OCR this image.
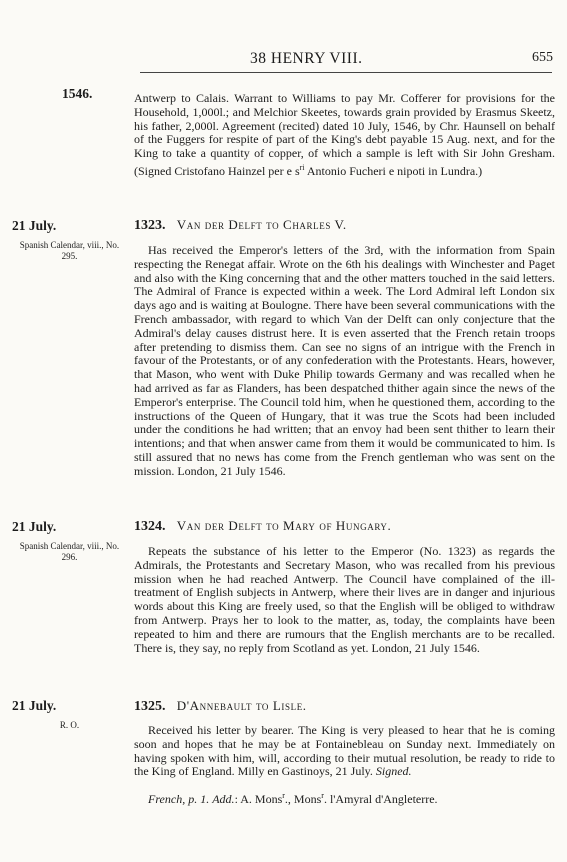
38 HENRY VIII.	655
1546.	Antwerp to Calais. Warrant to Williams to pay Mr. Cofferer for provisions for the Household, 1,000l.; and Melchior Skeetes, towards grain provided by Erasmus Skeetz, his father, 2,000l. Agreement (recited) dated 10 July, 1546, by Chr. Haunsell on behalf of the Fuggers for respite of part of the King's debt payable 15 Aug. next, and for the King to take a quantity of copper, of which a sample is left with Sir John Gresham. (Signed Cristofano Hainzel per e $s^{ri}$ Antonio Fucheri e nipoti in Lundra.)

21 July.
Spanish Calendar, viii., No. 295.
1323. Van der Delft to Charles V.

Has received the Emperor's letters of the 3rd, with the information from Spain respecting the Renegat affair. Wrote on the 6th his dealings with Winchester and Paget and also with the King concerning that and the other matters touched in the said letters. The Admiral of France is expected within a week. The Lord Admiral left London six days ago and is waiting at Boulogne. There have been several communications with the French ambassador, with regard to which Van der Delft can only conjecture that the Admiral's delay causes distrust here. It is even asserted that the French retain troops after pretending to dismiss them. Can see no signs of an intrigue with the French in favour of the Protestants, or of any confederation with the Protestants. Hears, however, that Mason, who went with Duke Philip towards Germany and was recalled when he had arrived as far as Flanders, has been despatched thither again since the news of the Emperor's enterprise. The Council told him, when he questioned them, according to the instructions of the Queen of Hungary, that it was true the Scots had been included under the conditions he had written; that an envoy had been sent thither to learn their intentions; and that when answer came from them it would be communicated to him. Is still assured that no news has come from the French gentleman who was sent on the mission. London, 21 July 1546.

21 July.
Spanish Calendar, viii., No. 296.
1324. Van der Delft to Mary of Hungary.

Repeats the substance of his letter to the Emperor (No. 1323) as regards the Admirals, the Protestants and Secretary Mason, who was recalled from his previous mission when he had reached Antwerp. The Council have complained of the ill-treatment of English subjects in Antwerp, where their lives are in danger and injurious words about this King are freely used, so that the English will be obliged to withdraw from Antwerp. Prays her to look to the matter, as, today, the complaints have been repeated to him and there are rumours that the English merchants are to be recalled. There is, they say, no reply from Scotland as yet. London, 21 July 1546.

21 July.
R. O.
1325. D'Annebault to Lisle.

Received his letter by bearer. The King is very pleased to hear that he is coming soon and hopes that he may be at Fontainebleau on Sunday next. Immediately on having spoken with him, will, according to their mutual resolution, be ready to ride to the King of England. Milly en Gastinoys, 21 July. Signed.

French, p. 1. Add.: A. Mons$^r$., Mons$^r$. l'Amyral d'Angleterre.
